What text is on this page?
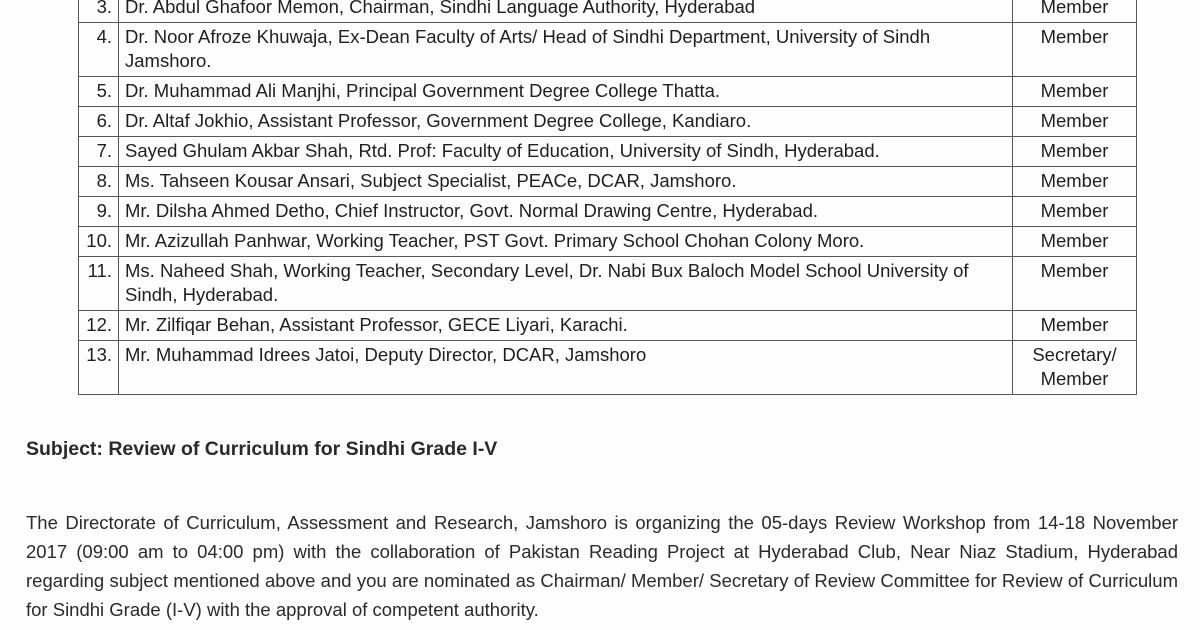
3.	Dr. Abdul Ghafoor Memon, Chairman, Sindhi Language Authority, Hyderabad	Member
4.	Dr. Noor Afroze Khuwaja, Ex-Dean Faculty of Arts/ Head of Sindhi Department, University of Sindh Jamshoro.	Member
5.	Dr. Muhammad Ali Manjhi, Principal Government Degree College Thatta.	Member
6.	Dr. Altaf Jokhio, Assistant Professor, Government Degree College, Kandiaro.	Member
7.	Sayed Ghulam Akbar Shah, Rtd. Prof: Faculty of Education, University of Sindh, Hyderabad.	Member
8.	Ms. Tahseen Kousar Ansari, Subject Specialist, PEACe, DCAR, Jamshoro.	Member
9.	Mr. Dilsha Ahmed Detho, Chief Instructor, Govt. Normal Drawing Centre, Hyderabad.	Member
10.	Mr. Azizullah Panhwar, Working Teacher, PST Govt. Primary School Chohan Colony Moro.	Member
11.	Ms. Naheed Shah, Working Teacher, Secondary Level, Dr. Nabi Bux Baloch Model School University of Sindh, Hyderabad.	Member
12.	Mr. Zilfiqar Behan, Assistant Professor, GECE Liyari, Karachi.	Member
13.	Mr. Muhammad Idrees Jatoi, Deputy Director, DCAR, Jamshoro	Secretary/ Member
Subject: Review of Curriculum for Sindhi Grade I-V
The Directorate of Curriculum, Assessment and Research, Jamshoro is organizing the 05-days Review Workshop from 14-18 November 2017 (09:00 am to 04:00 pm) with the collaboration of Pakistan Reading Project at Hyderabad Club, Near Niaz Stadium, Hyderabad regarding subject mentioned above and you are nominated as Chairman/ Member/ Secretary of Review Committee for Review of Curriculum for Sindhi Grade (I-V) with the approval of competent authority.
